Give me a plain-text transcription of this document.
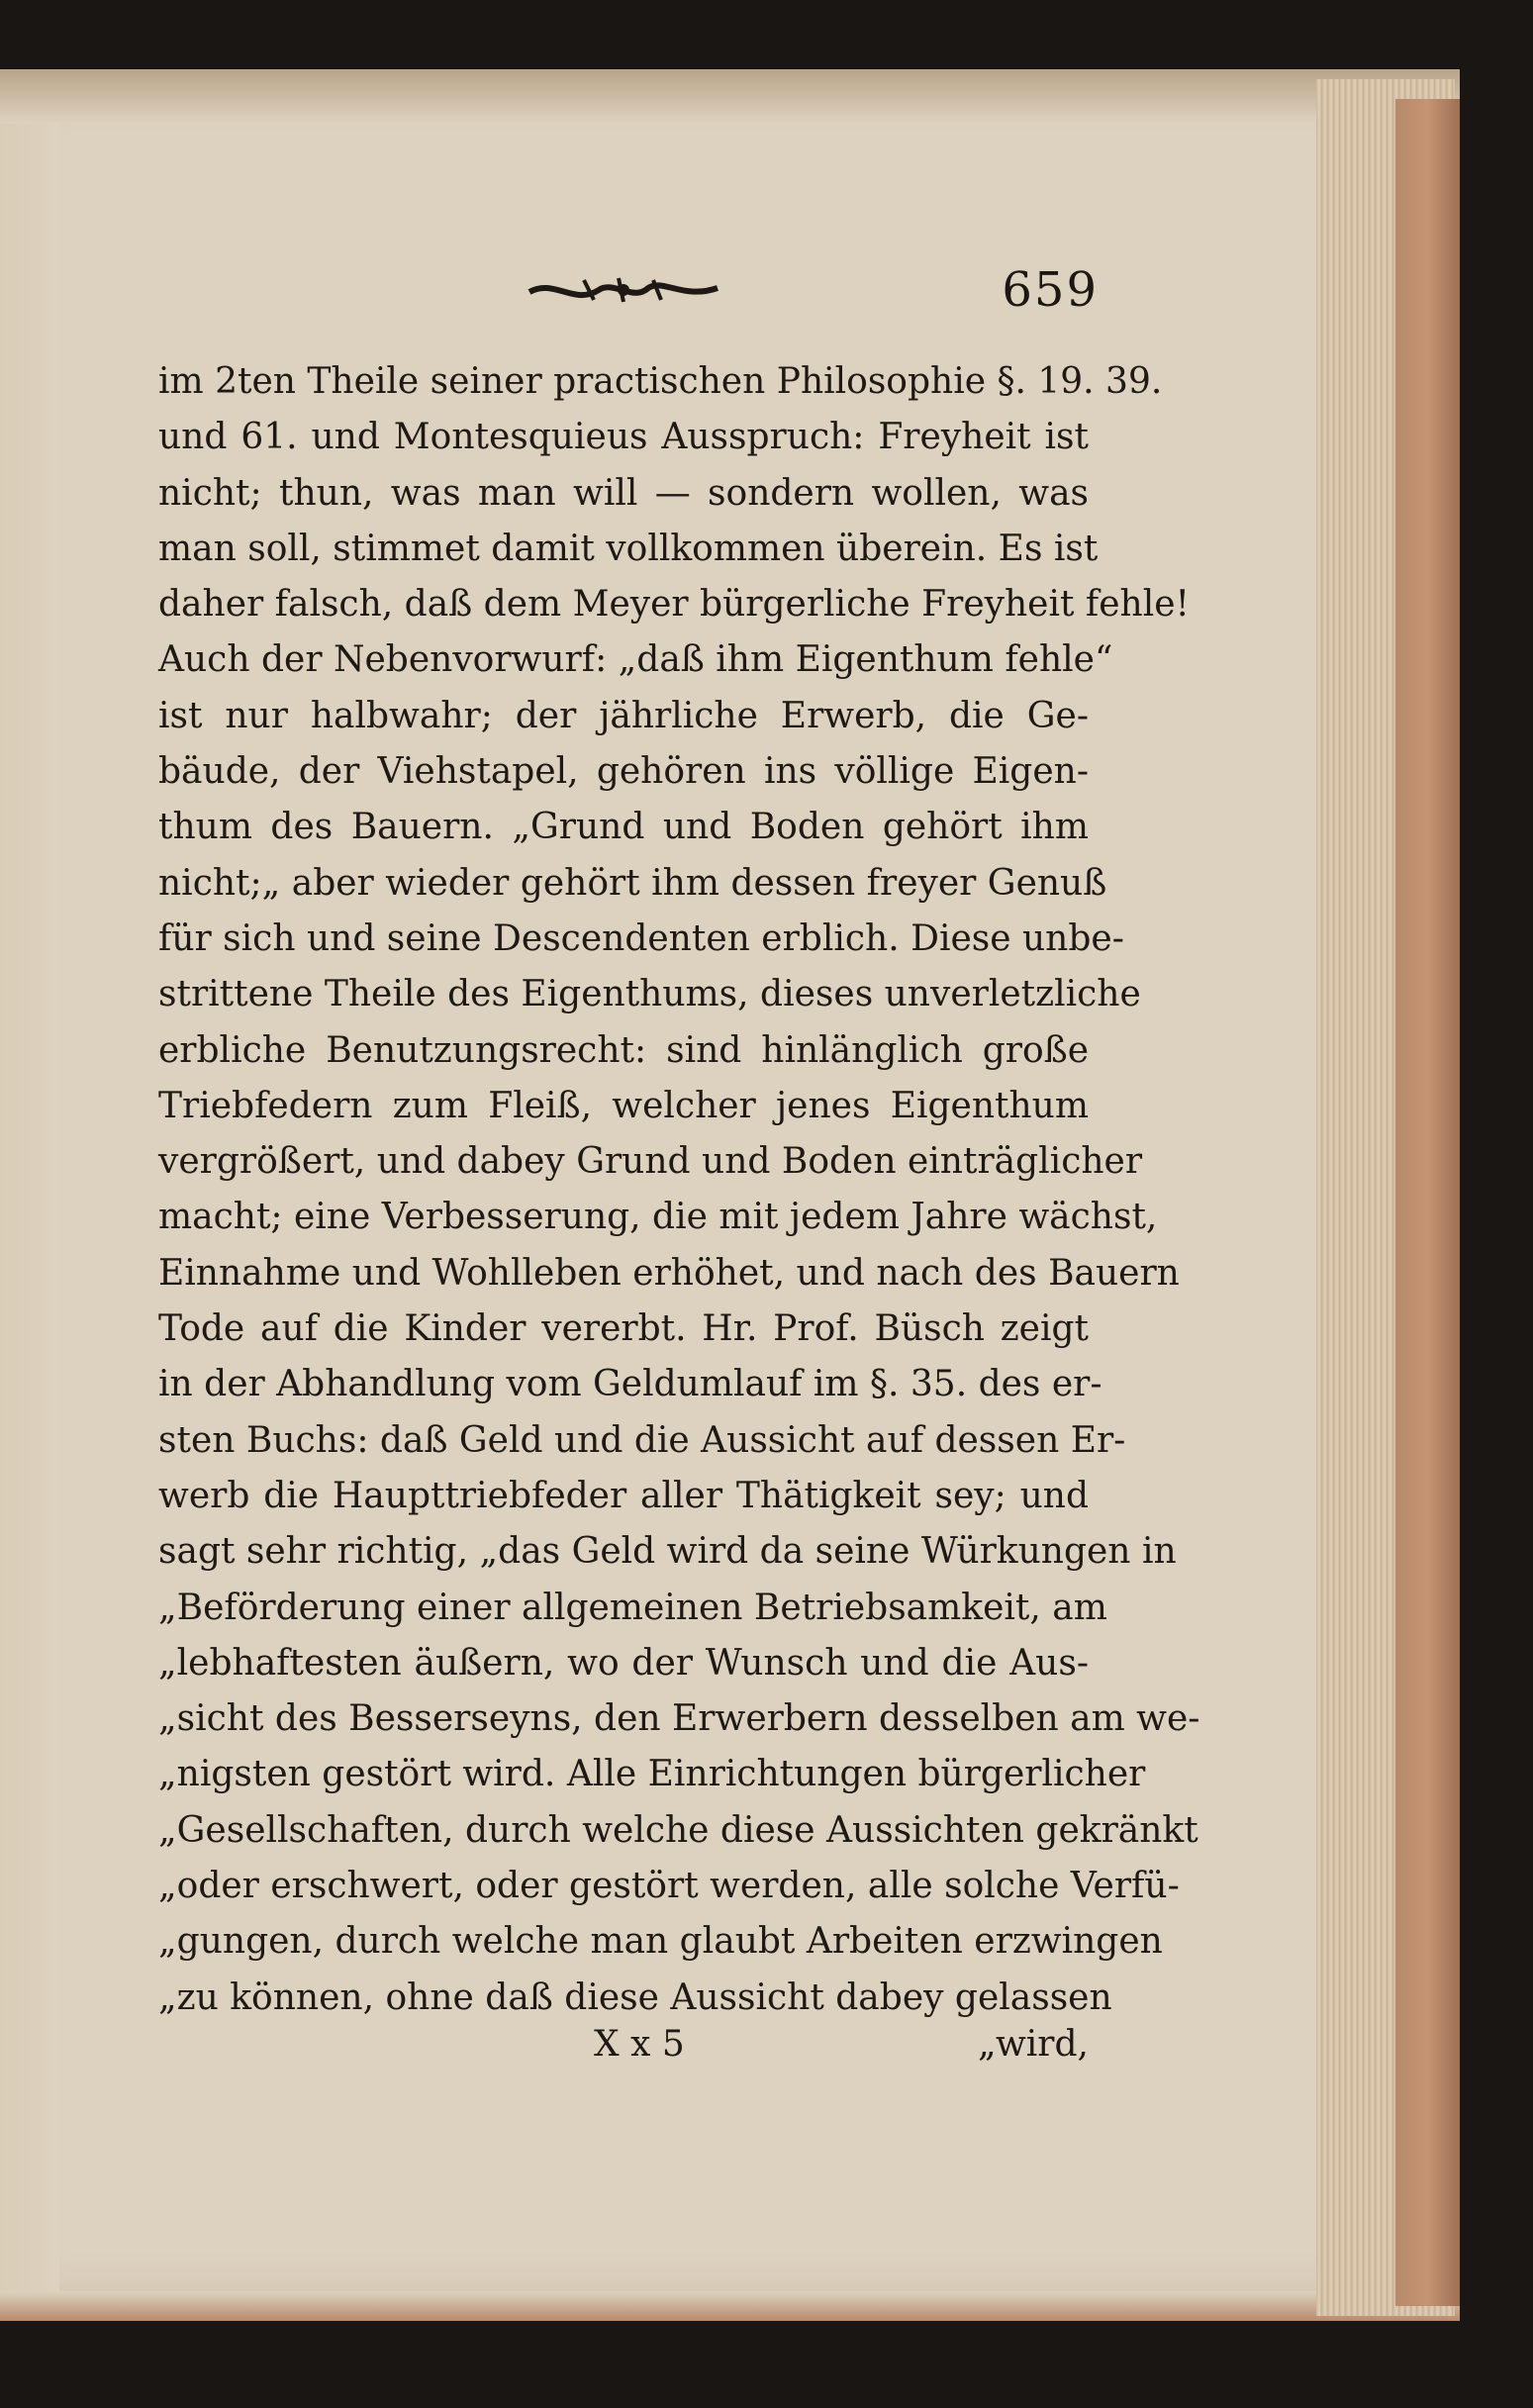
659
im 2ten Theile seiner practischen Philosophie §. 19. 39.
und 61. und Montesquieus Ausspruch: Freyheit ist
nicht; thun, was man will — sondern wollen, was
man soll, stimmet damit vollkommen überein. Es ist
daher falsch, daß dem Meyer bürgerliche Freyheit fehle!
Auch der Nebenvorwurf: „daß ihm Eigenthum fehle“
ist nur halbwahr; der jährliche Erwerb, die Ge-
bäude, der Viehstapel, gehören ins völlige Eigen-
thum des Bauern. „Grund und Boden gehört ihm
nicht;„ aber wieder gehört ihm dessen freyer Genuß
für sich und seine Descendenten erblich. Diese unbe-
strittene Theile des Eigenthums, dieses unverletzliche
erbliche Benutzungsrecht: sind hinlänglich große
Triebfedern zum Fleiß, welcher jenes Eigenthum
vergrößert, und dabey Grund und Boden einträglicher
macht; eine Verbesserung, die mit jedem Jahre wächst,
Einnahme und Wohlleben erhöhet, und nach des Bauern
Tode auf die Kinder vererbt. Hr. Prof. Büsch zeigt
in der Abhandlung vom Geldumlauf im §. 35. des er-
sten Buchs: daß Geld und die Aussicht auf dessen Er-
werb die Haupttriebfeder aller Thätigkeit sey; und
sagt sehr richtig, „das Geld wird da seine Würkungen in
„Beförderung einer allgemeinen Betriebsamkeit, am
„lebhaftesten äußern, wo der Wunsch und die Aus-
„sicht des Besserseyns, den Erwerbern desselben am we-
„nigsten gestört wird. Alle Einrichtungen bürgerlicher
„Gesellschaften, durch welche diese Aussichten gekränkt
„oder erschwert, oder gestört werden, alle solche Verfü-
„gungen, durch welche man glaubt Arbeiten erzwingen
„zu können, ohne daß diese Aussicht dabey gelassen
X x 5	„wird,
